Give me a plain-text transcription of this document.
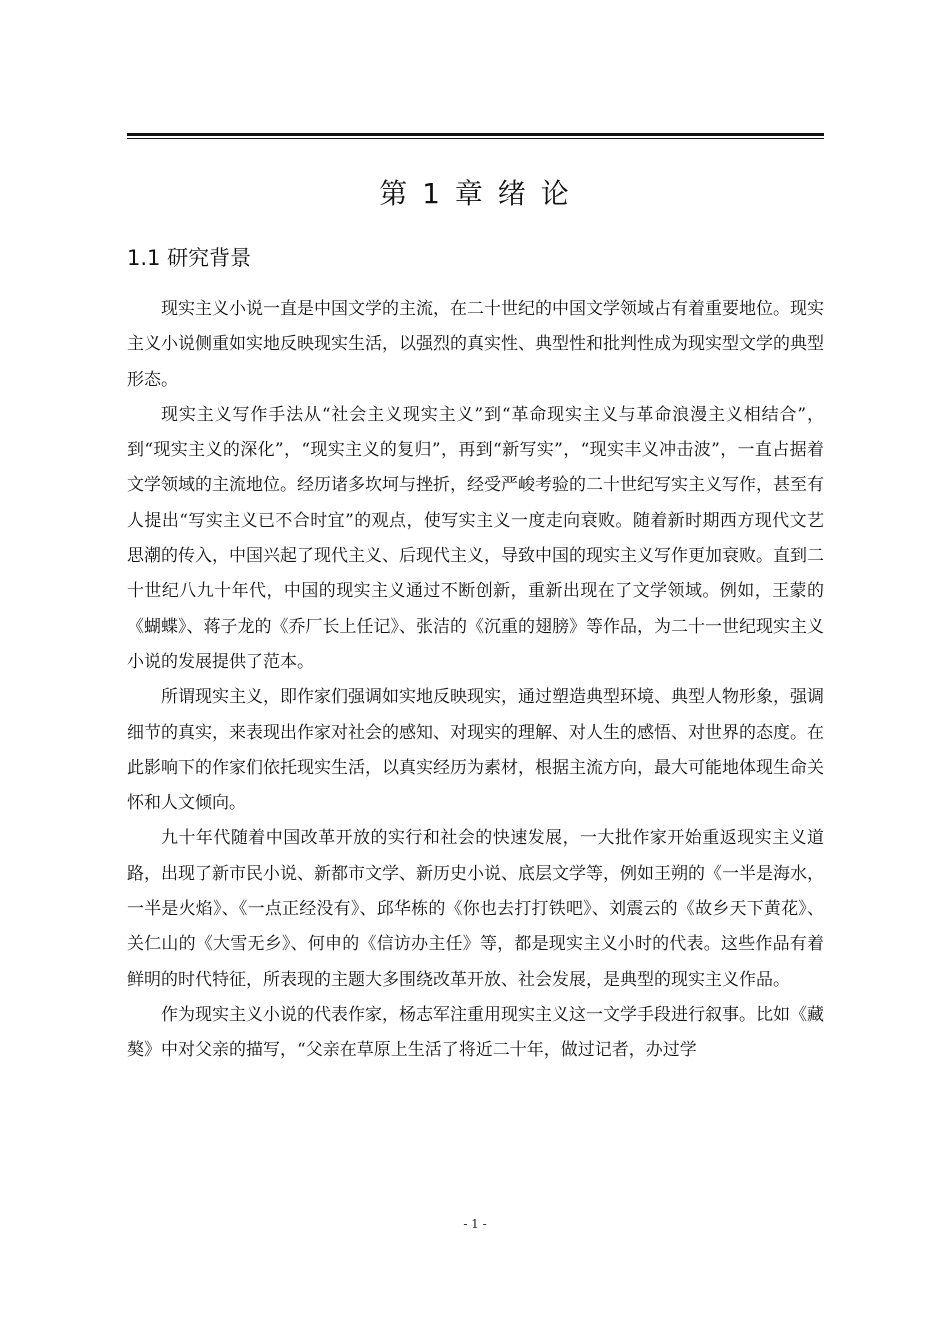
第 1 章 绪 论
1.1 研究背景

现实主义小说一直是中国文学的主流，在二十世纪的中国文学领域占有着重要地位。现实主义小说侧重如实地反映现实生活，以强烈的真实性、典型性和批判性成为现实型文学的典型形态。

现实主义写作手法从“社会主义现实主义”到“革命现实主义与革命浪漫主义相结合”，到“现实主义的深化”，“现实主义的复归”，再到“新写实”，“现实丰义冲击波”，一直占据着文学领域的主流地位。经历诸多坎坷与挫折，经受严峻考验的二十世纪写实主义写作，甚至有人提出“写实主义已不合时宜”的观点，使写实主义一度走向衰败。随着新时期西方现代文艺思潮的传入，中国兴起了现代主义、后现代主义，导致中国的现实主义写作更加衰败。直到二十世纪八九十年代，中国的现实主义通过不断创新，重新出现在了文学领域。例如，王蒙的《蝴蝶》、蒋子龙的《乔厂长上任记》、张洁的《沉重的翅膀》等作品，为二十一世纪现实主义小说的发展提供了范本。

所谓现实主义，即作家们强调如实地反映现实，通过塑造典型环境、典型人物形象，强调细节的真实，来表现出作家对社会的感知、对现实的理解、对人生的感悟、对世界的态度。在此影响下的作家们依托现实生活，以真实经历为素材，根据主流方向，最大可能地体现生命关怀和人文倾向。

九十年代随着中国改革开放的实行和社会的快速发展，一大批作家开始重返现实主义道路，出现了新市民小说、新都市文学、新历史小说、底层文学等，例如王朔的《一半是海水，一半是火焰》、《一点正经没有》、邱华栋的《你也去打打铁吧》、刘震云的《故乡天下黄花》、关仁山的《大雪无乡》、何申的《信访办主任》等，都是现实主义小时的代表。这些作品有着鲜明的时代特征，所表现的主题大多围绕改革开放、社会发展，是典型的现实主义作品。

作为现实主义小说的代表作家，杨志军注重用现实主义这一文学手段进行叙事。比如《藏獒》中对父亲的描写，“父亲在草原上生活了将近二十年，做过记者，办过学

- 1 -
